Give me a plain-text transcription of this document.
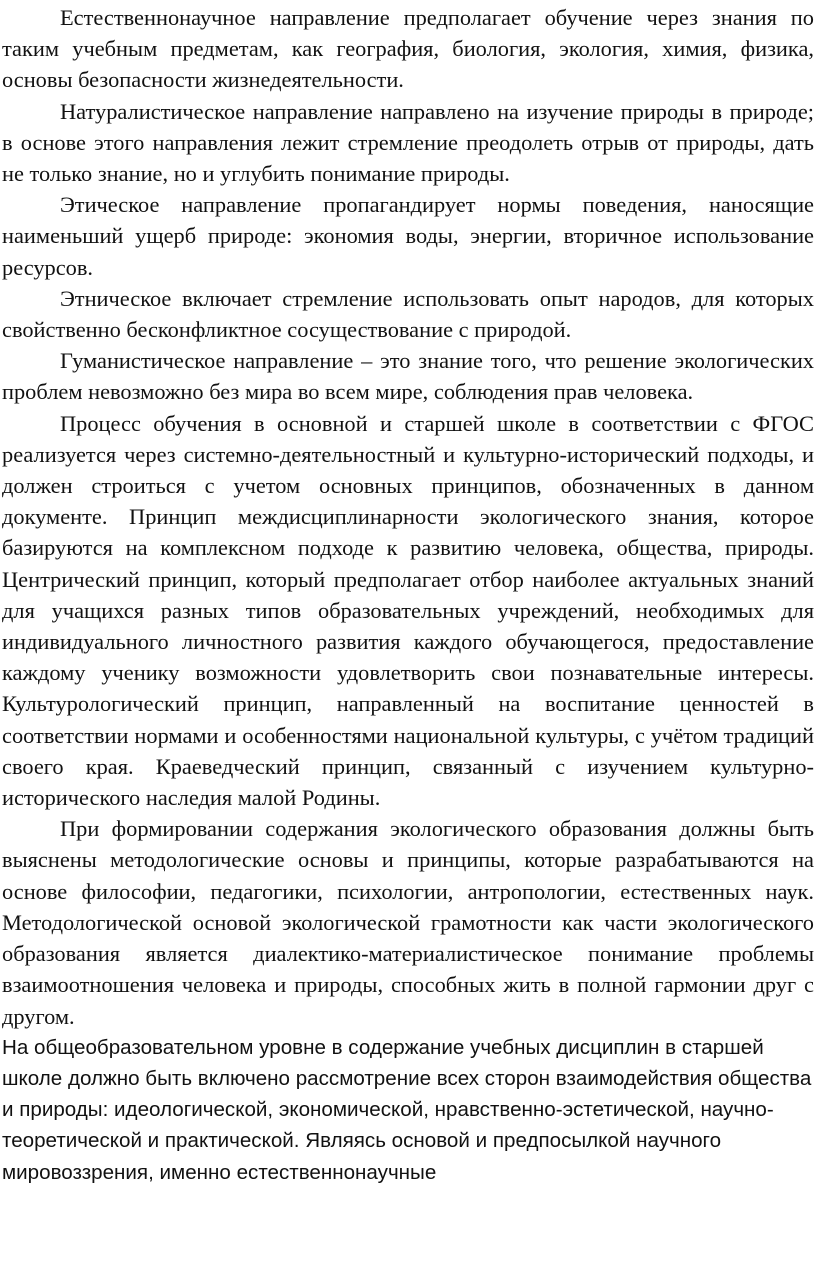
Естественнонаучное направление предполагает обучение через знания по таким учебным предметам, как география, биология, экология, химия, физика, основы безопасности жизнедеятельности.

Натуралистическое направление направлено на изучение природы в природе; в основе этого направления лежит стремление преодолеть отрыв от природы, дать не только знание, но и углубить понимание природы.

Этическое направление пропагандирует нормы поведения, наносящие наименьший ущерб природе: экономия воды, энергии, вторичное использование ресурсов.

Этническое включает стремление использовать опыт народов, для которых свойственно бесконфликтное сосуществование с природой.

Гуманистическое направление – это знание того, что решение экологических проблем невозможно без мира во всем мире, соблюдения прав человека.

Процесс обучения в основной и старшей школе в соответствии с ФГОС реализуется через системно-деятельностный и культурно-исторический подходы, и должен строиться с учетом основных принципов, обозначенных в данном документе. Принцип междисциплинарности экологического знания, которое базируются на комплексном подходе к развитию человека, общества, природы. Центрический принцип, который предполагает отбор наиболее актуальных знаний для учащихся разных типов образовательных учреждений, необходимых для индивидуального личностного развития каждого обучающегося, предоставление каждому ученику возможности удовлетворить свои познавательные интересы. Культурологический принцип, направленный на воспитание ценностей в соответствии нормами и особенностями национальной культуры, с учётом традиций своего края. Краеведческий принцип, связанный с изучением культурно-исторического наследия малой Родины.

При формировании содержания экологического образования должны быть выяснены методологические основы и принципы, которые разрабатываются на основе философии, педагогики, психологии, антропологии, естественных наук. Методологической основой экологической грамотности как части экологического образования является диалектико-материалистическое понимание проблемы взаимоотношения человека и природы, способных жить в полной гармонии друг с другом.

На общеобразовательном уровне в содержание учебных дисциплин в старшей школе должно быть включено рассмотрение всех сторон взаимодействия общества и природы: идеологической, экономической, нравственно-эстетической, научно-теоретической и практической. Являясь основой и предпосылкой научного мировоззрения, именно естественнонаучные
